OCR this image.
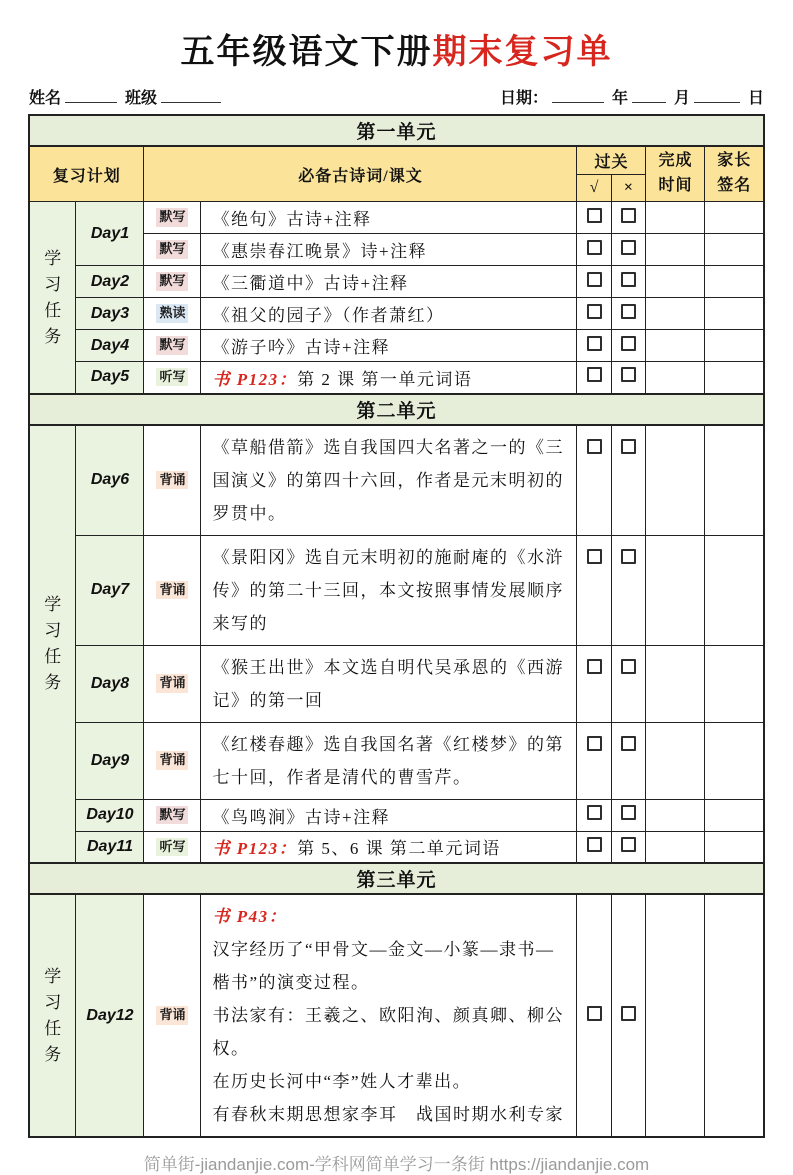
五年级语文下册期末复习单
姓名	班级	日期：	年	月	日
第一单元							
复习计划		必备古诗词/课文		过关		完成时间	家长签名
				√	×		

学
习
任
务	Day1	默写	《绝句》古诗+注释				
		默写	《惠崇春江晚景》诗+注释				
	Day2	默写	《三衢道中》古诗+注释				
	Day3	熟读	《祖父的园子》（作者萧红）				
	Day4	默写	《游子吟》古诗+注释				
	Day5	听写	书 P123：第 2 课 第一单元词语				
第二单元							

学
习
任
务	Day6	背诵	《草船借箭》选自我国四大名著之一的《三国演义》的第四十六回，作者是元末明初的罗贯中。				
	Day7	背诵	《景阳冈》选自元末明初的施耐庵的《水浒传》的第二十三回，本文按照事情发展顺序来写的				
	Day8	背诵	《猴王出世》本文选自明代吴承恩的《西游记》的第一回				
	Day9	背诵	《红楼春趣》选自我国名著《红楼梦》的第七十回，作者是清代的曹雪芹。				
	Day10	默写	《鸟鸣涧》古诗+注释				
	Day11	听写	书 P123：第 5、6 课 第二单元词语				
第三单元							

学
习
任
务
	Day12	背诵	
书 P43：
汉字经历了“甲骨文—金文—小篆—隶书—楷书”的演变过程。
书法家有：王羲之、欧阳洵、颜真卿、柳公权。
在历史长河中“李”姓人才辈出。
有春秋末期思想家李耳　战国时期水利专家

简单街-jiandanjie.com-学科网简单学习一条街 https://jiandanjie.com
